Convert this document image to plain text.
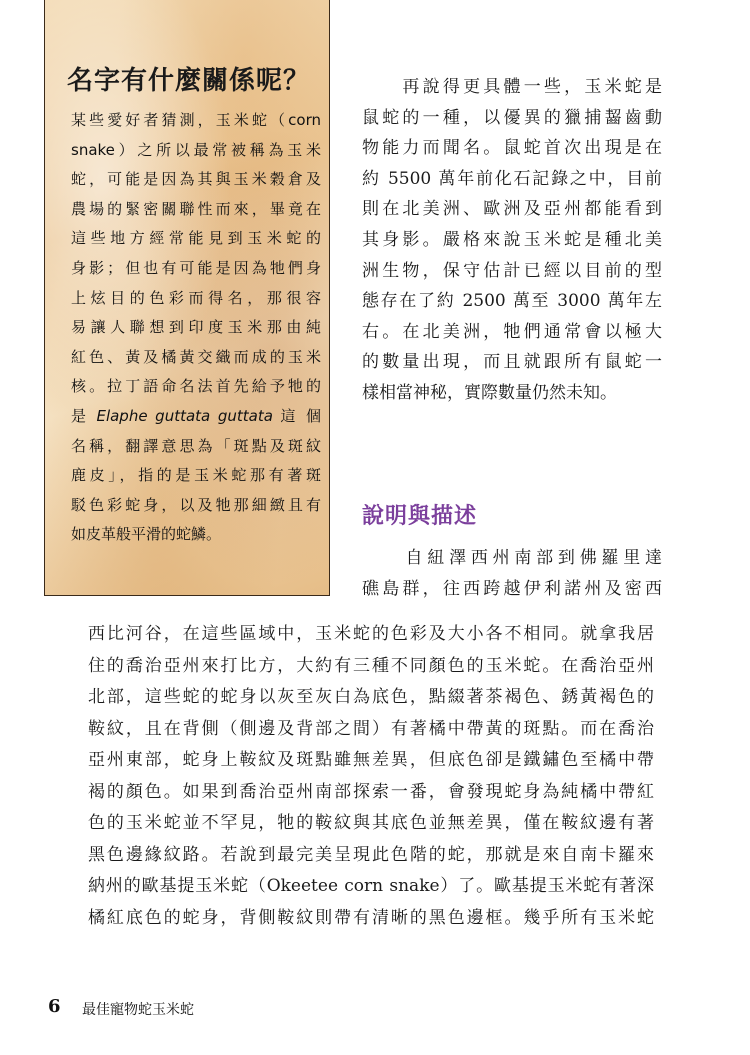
名字有什麼關係呢？
某些愛好者猜測，玉米蛇（corn
snake）之所以最常被稱為玉米
蛇，可能是因為其與玉米穀倉及
農場的緊密關聯性而來，畢竟在
這些地方經常能見到玉米蛇的
身影；但也有可能是因為牠們身
上炫目的色彩而得名，那很容
易讓人聯想到印度玉米那由純
紅色、黃及橘黃交織而成的玉米
核。拉丁語命名法首先給予牠的
是 Elaphe guttata guttata 這 個
名稱，翻譯意思為「斑點及斑紋
鹿皮」，指的是玉米蛇那有著斑
駁色彩蛇身，以及牠那細緻且有
如皮革般平滑的蛇鱗。
　　再說得更具體一些，玉米蛇是
鼠蛇的一種，以優異的獵捕齧齒動
物能力而聞名。鼠蛇首次出現是在
約 5500 萬年前化石記錄之中，目前
則在北美洲、歐洲及亞州都能看到
其身影。嚴格來說玉米蛇是種北美
洲生物，保守估計已經以目前的型
態存在了約 2500 萬至 3000 萬年左
右。在北美洲，牠們通常會以極大
的數量出現，而且就跟所有鼠蛇一
樣相當神秘，實際數量仍然未知。
說明與描述
　　自紐澤西州南部到佛羅里達
礁島群，往西跨越伊利諾州及密西
西比河谷，在這些區域中，玉米蛇的色彩及大小各不相同。就拿我居
住的喬治亞州來打比方，大約有三種不同顏色的玉米蛇。在喬治亞州
北部，這些蛇的蛇身以灰至灰白為底色，點綴著茶褐色、銹黃褐色的
鞍紋，且在背側（側邊及背部之間）有著橘中帶黃的斑點。而在喬治
亞州東部，蛇身上鞍紋及斑點雖無差異，但底色卻是鐵鏽色至橘中帶
褐的顏色。如果到喬治亞州南部探索一番，會發現蛇身為純橘中帶紅
色的玉米蛇並不罕見，牠的鞍紋與其底色並無差異，僅在鞍紋邊有著
黑色邊緣紋路。若說到最完美呈現此色階的蛇，那就是來自南卡羅來
納州的歐基提玉米蛇（Okeetee corn snake）了。歐基提玉米蛇有著深
橘紅底色的蛇身，背側鞍紋則帶有清晰的黑色邊框。幾乎所有玉米蛇
6 最佳寵物蛇玉米蛇
